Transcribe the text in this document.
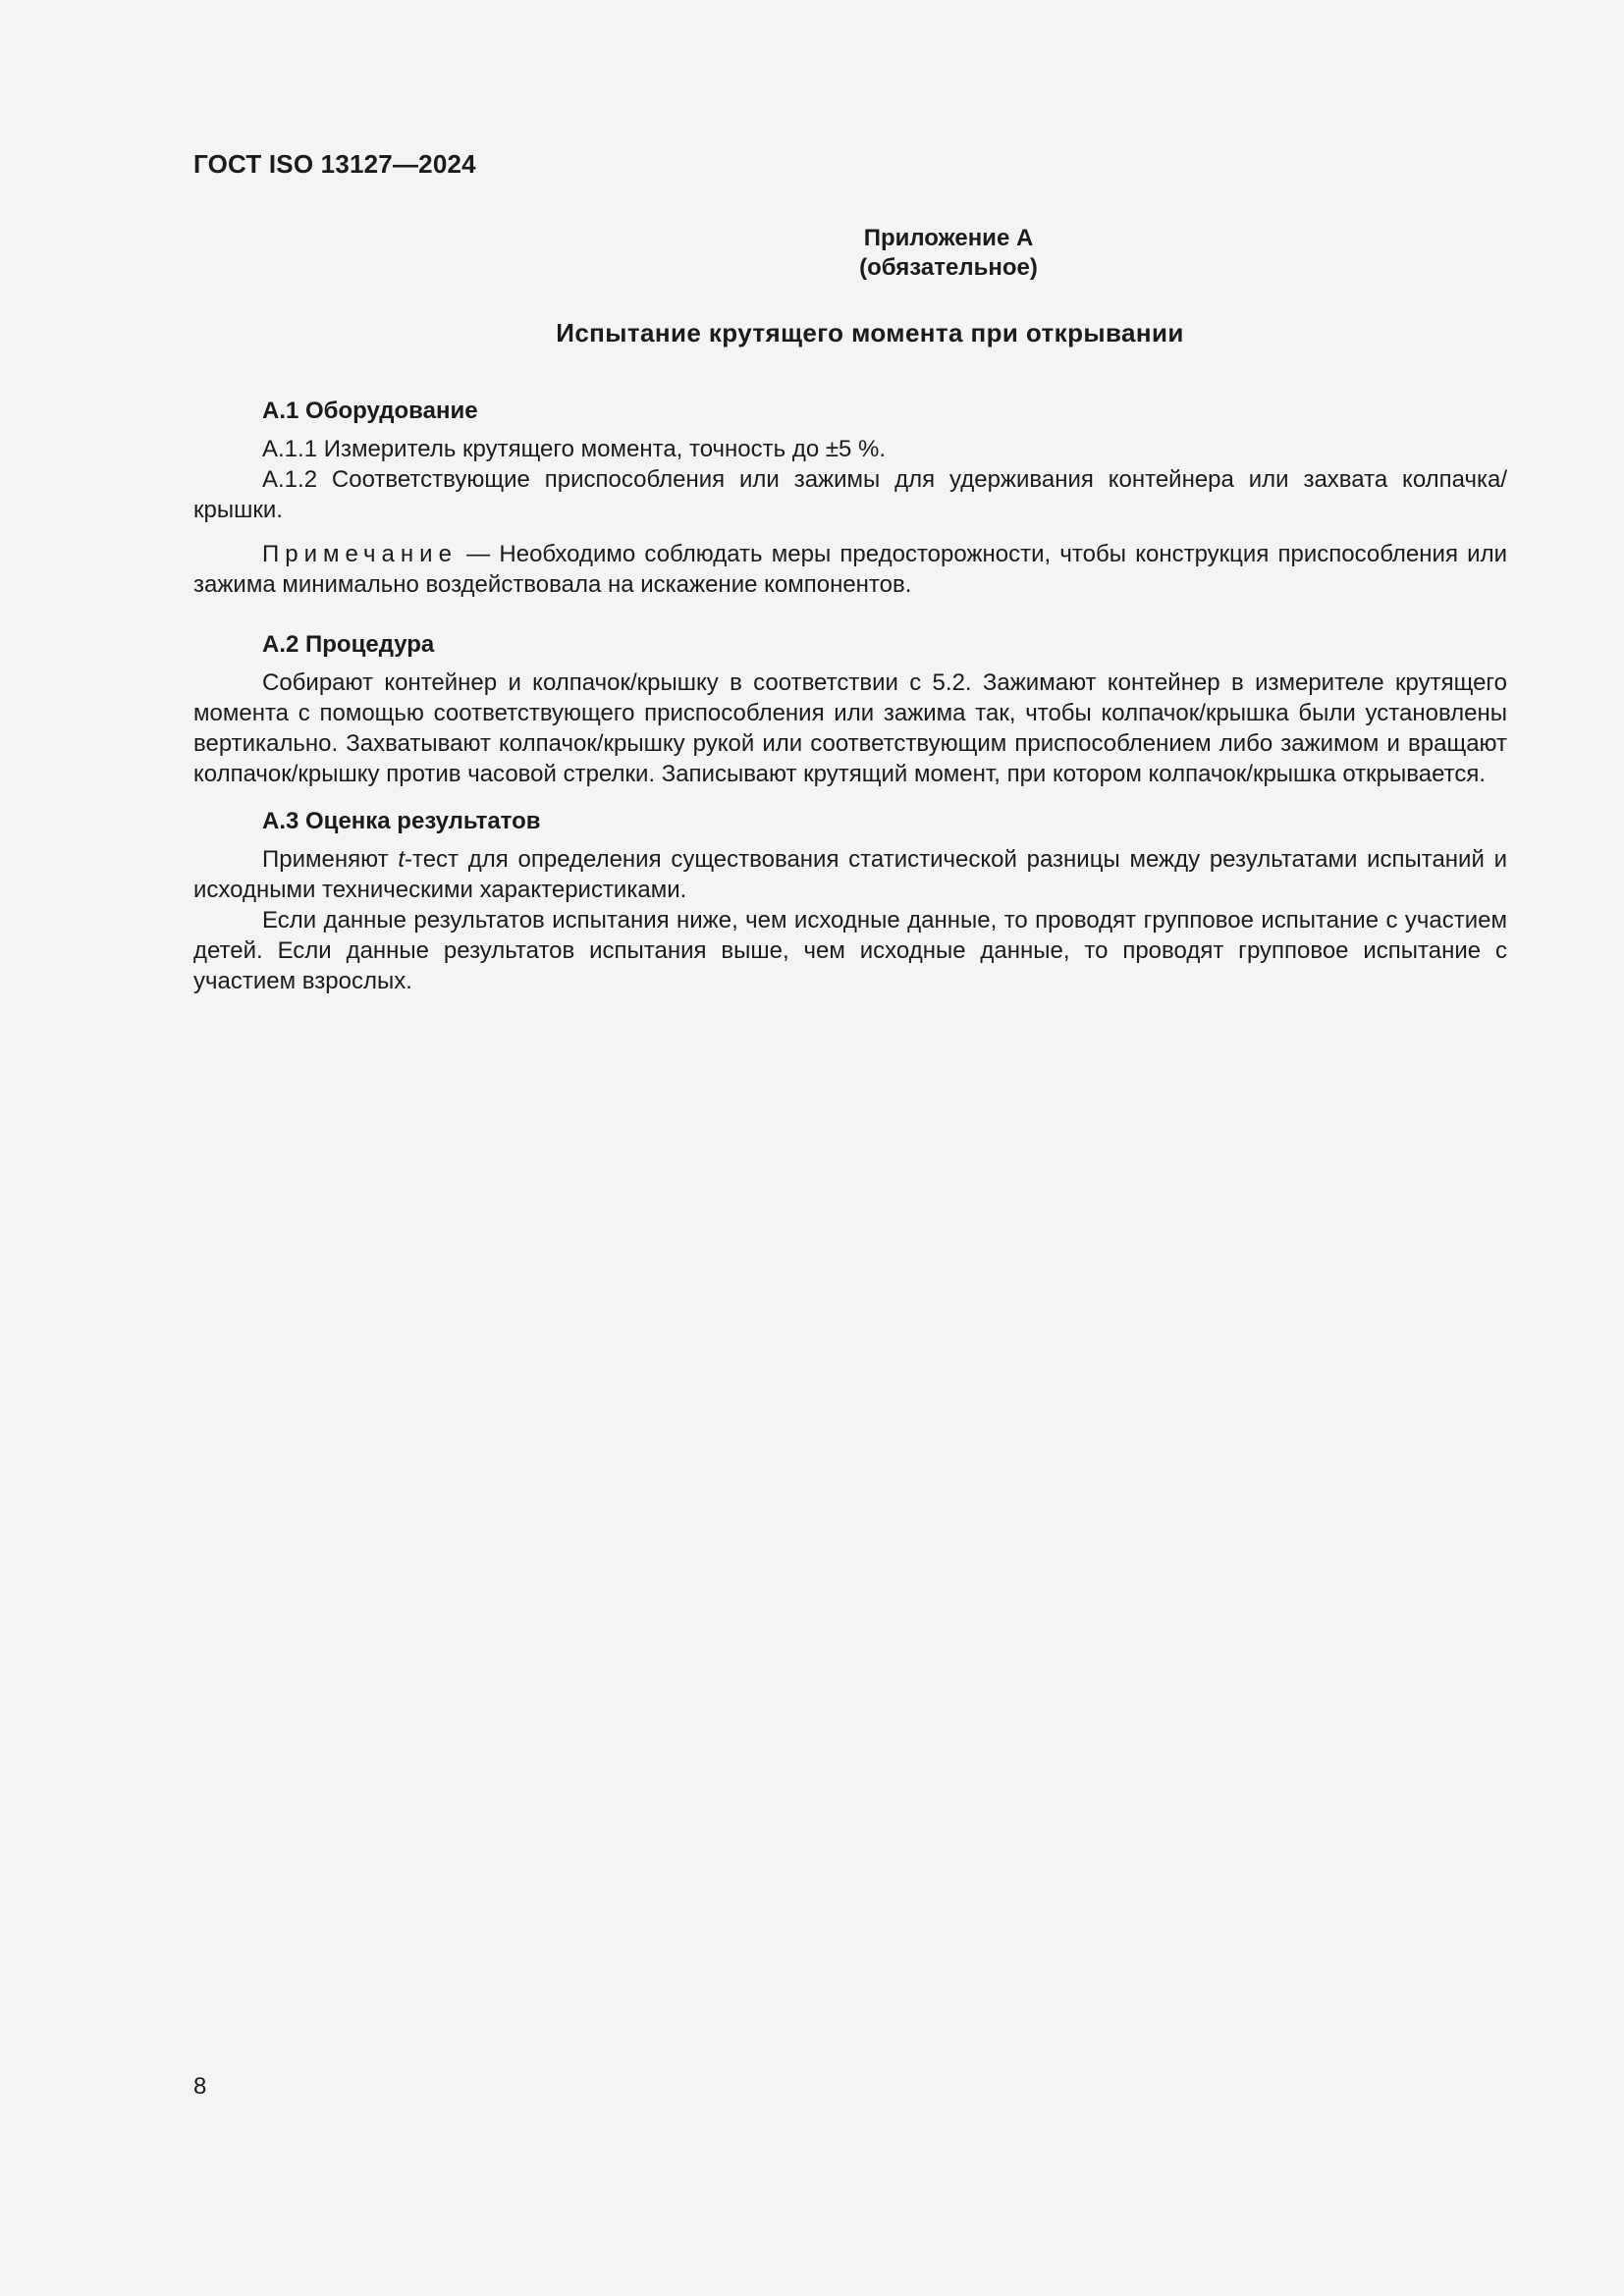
ГОСТ ISO 13127—2024
Приложение А
(обязательное)
Испытание крутящего момента при открывании
А.1 Оборудование

А.1.1 Измеритель крутящего момента, точность до ±5 %.

А.1.2 Соответствующие приспособления или зажимы для удерживания контейнера или захвата колпачка/крышки.

Примечание — Необходимо соблюдать меры предосторожности, чтобы конструкция приспособления или зажима минимально воздействовала на искажение компонентов.

А.2 Процедура

Собирают контейнер и колпачок/крышку в соответствии с 5.2. Зажимают контейнер в измерителе крутящего момента с помощью соответствующего приспособления или зажима так, чтобы колпачок/крышка были установлены вертикально. Захватывают колпачок/крышку рукой или соответствующим приспособлением либо зажимом и вращают колпачок/крышку против часовой стрелки. Записывают крутящий момент, при котором колпачок/крышка открывается.

А.3 Оценка результатов

Применяют t-тест для определения существования статистической разницы между результатами испытаний и исходными техническими характеристиками.

Если данные результатов испытания ниже, чем исходные данные, то проводят групповое испытание с участием детей. Если данные результатов испытания выше, чем исходные данные, то проводят групповое испытание с участием взрослых.

8
